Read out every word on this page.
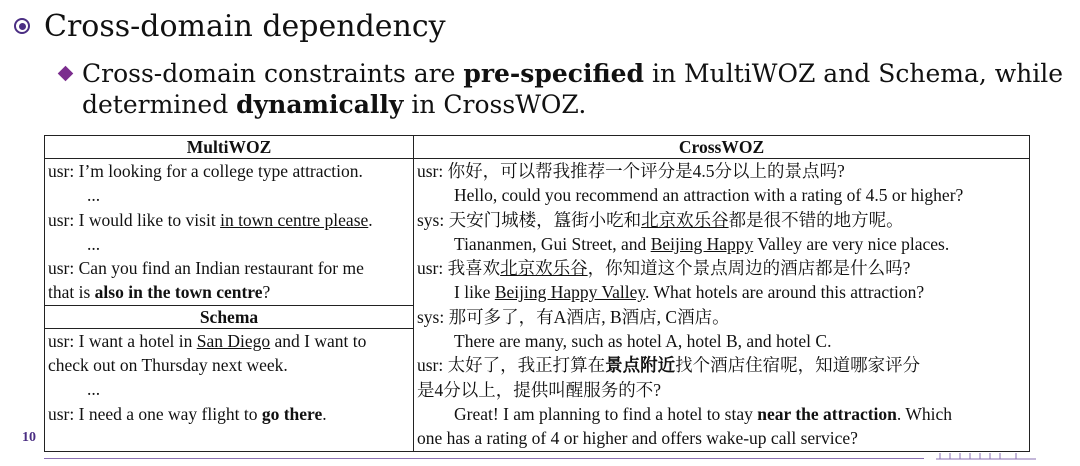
Cross-domain dependency
Cross-domain constraints are pre-specified in MultiWOZ and Schema, while
determined dynamically in CrossWOZ.
MultiWOZ
usr: I’m looking for a college type attraction.
...
usr: I would like to visit in town centre please.
...
usr: Can you find an Indian restaurant for me
that is also in the town centre?
Schema
usr: I want a hotel in San Diego and I want to
check out on Thursday next week.
...
usr: I need a one way flight to go there.

CrossWOZ
usr: 你好，可以帮我推荐一个评分是4.5分以上的景点吗?
Hello, could you recommend an attraction with a rating of 4.5 or higher?
sys: 天安门城楼，簋街小吃和北京欢乐谷都是很不错的地方呢。
Tiananmen, Gui Street, and Beijing Happy Valley are very nice places.
usr: 我喜欢北京欢乐谷，你知道这个景点周边的酒店都是什么吗?
I like Beijing Happy Valley. What hotels are around this attraction?
sys: 那可多了，有A酒店, B酒店, C酒店。
There are many, such as hotel A, hotel B, and hotel C.
usr: 太好了，我正打算在景点附近找个酒店住宿呢，知道哪家评分
是4分以上，提供叫醒服务的不?
Great! I am planning to find a hotel to stay near the attraction. Which
one has a rating of 4 or higher and offers wake-up call service?
10
